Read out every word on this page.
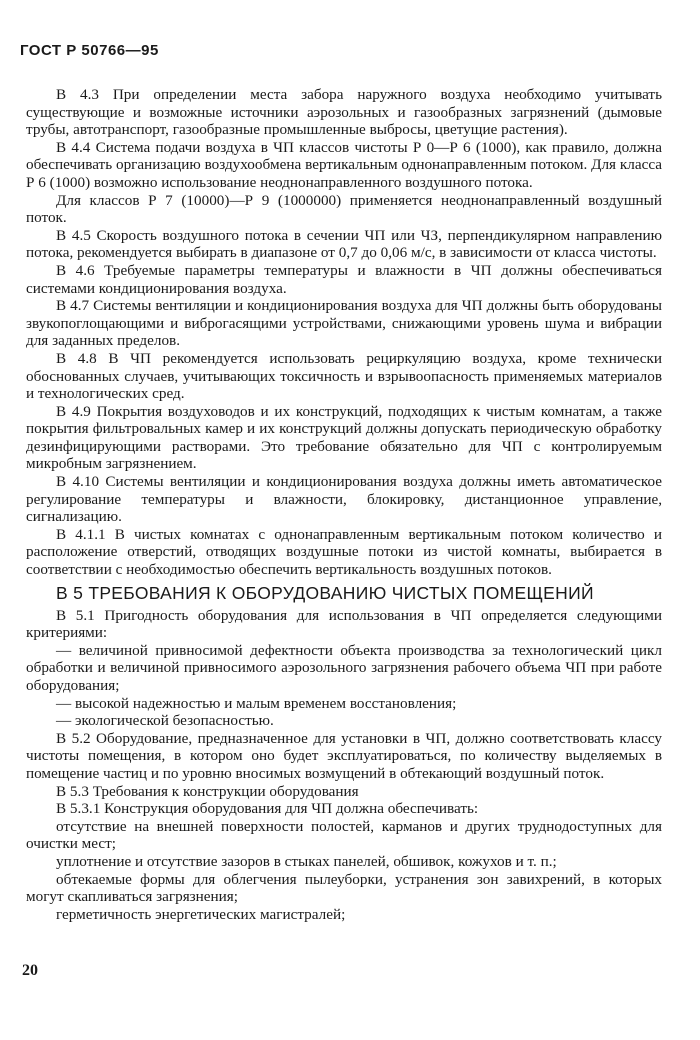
ГОСТ Р 50766—95

В 4.3 При определении места забора наружного воздуха необходимо учитывать существующие и возможные источники аэрозольных и газообразных загрязнений (дымовые трубы, автотранспорт, газообразные промышленные выбросы, цветущие растения).

В 4.4 Система подачи воздуха в ЧП классов чистоты Р 0—Р 6 (1000), как правило, должна обеспечивать организацию воздухообмена вертикальным однонаправленным потоком. Для класса Р 6 (1000) возможно использование неоднонаправленного воздушного потока.

Для классов Р 7 (10000)—Р 9 (1000000) применяется неоднонаправленный воздушный поток.

В 4.5 Скорость воздушного потока в сечении ЧП или ЧЗ, перпендикулярном направлению потока, рекомендуется выбирать в диапазоне от 0,7 до 0,06 м/с, в зависимости от класса чистоты.

В 4.6 Требуемые параметры температуры и влажности в ЧП должны обеспечиваться системами кондиционирования воздуха.

В 4.7 Системы вентиляции и кондиционирования воздуха для ЧП должны быть оборудованы звукопоглощающими и виброгасящими устройствами, снижающими уровень шума и вибрации для заданных пределов.

В 4.8 В ЧП рекомендуется использовать рециркуляцию воздуха, кроме технически обоснованных случаев, учитывающих токсичность и взрывоопасность применяемых материалов и технологических сред.

В 4.9 Покрытия воздуховодов и их конструкций, подходящих к чистым комнатам, а также покрытия фильтровальных камер и их конструкций должны допускать периодическую обработку дезинфицирующими растворами. Это требование обязательно для ЧП с контролируемым микробным загрязнением.

В 4.10 Системы вентиляции и кондиционирования воздуха должны иметь автоматическое регулирование температуры и влажности, блокировку, дистанционное управление, сигнализацию.

В 4.1.1 В чистых комнатах с однонаправленным вертикальным потоком количество и расположение отверстий, отводящих воздушные потоки из чистой комнаты, выбирается в соответствии с необходимостью обеспечить вертикальность воздушных потоков.

В 5 ТРЕБОВАНИЯ К ОБОРУДОВАНИЮ ЧИСТЫХ ПОМЕЩЕНИЙ

В 5.1 Пригодность оборудования для использования в ЧП определяется следующими критериями:

— величиной привносимой дефектности объекта производства за технологический цикл обработки и величиной привносимого аэрозольного загрязнения рабочего объема ЧП при работе оборудования;

— высокой надежностью и малым временем восстановления;

— экологической безопасностью.

В 5.2 Оборудование, предназначенное для установки в ЧП, должно соответствовать классу чистоты помещения, в котором оно будет эксплуатироваться, по количеству выделяемых в помещение частиц и по уровню вносимых возмущений в обтекающий воздушный поток.

В 5.3 Требования к конструкции оборудования

В 5.3.1 Конструкция оборудования для ЧП должна обеспечивать:

отсутствие на внешней поверхности полостей, карманов и других труднодоступных для очистки мест;

уплотнение и отсутствие зазоров в стыках панелей, обшивок, кожухов и т. п.;

обтекаемые формы для облегчения пылеуборки, устранения зон завихрений, в которых могут скапливаться загрязнения;

герметичность энергетических магистралей;

20
